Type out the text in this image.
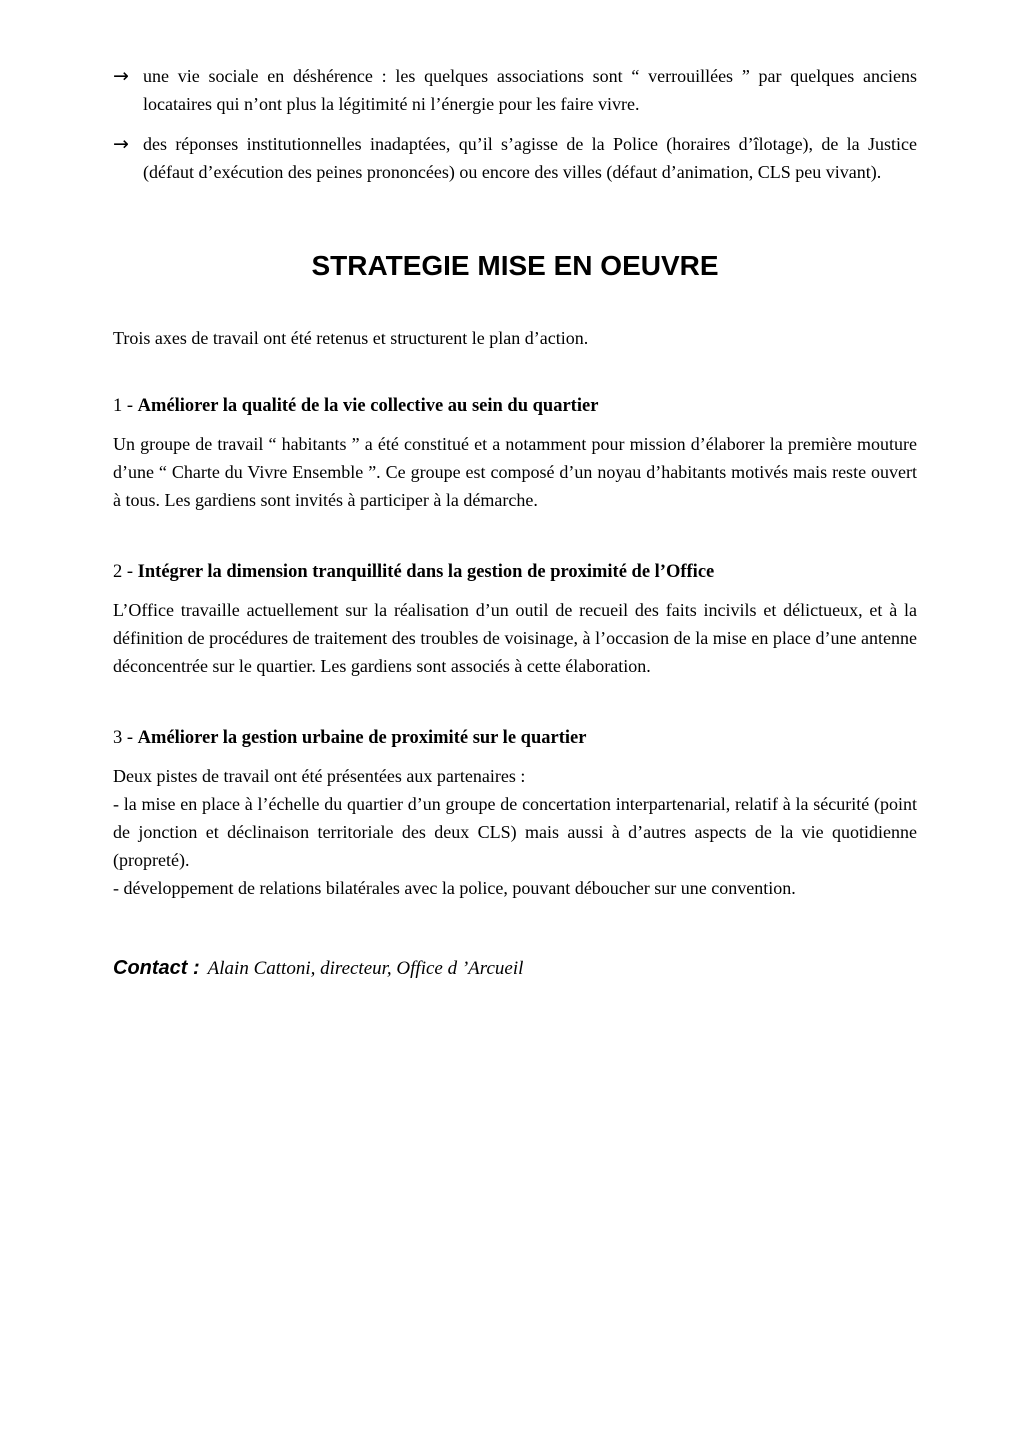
→ une vie sociale en déshérence : les quelques associations sont “ verrouillées ” par quelques anciens locataires qui n’ont plus la légitimité ni l’énergie pour les faire vivre.
→ des réponses institutionnelles inadaptées, qu’il s’agisse de la Police (horaires d’îlotage), de la Justice (défaut d’exécution des peines prononcées) ou encore des villes (défaut d’animation, CLS peu vivant).
STRATEGIE MISE EN OEUVRE

Trois axes de travail ont été retenus et structurent le plan d’action.

1 - Améliorer la qualité de la vie collective au sein du quartier

Un groupe de travail “ habitants ” a été constitué et a notamment pour mission d’élaborer la première mouture d’une “ Charte du Vivre Ensemble ”. Ce groupe est composé d’un noyau d’habitants motivés mais reste ouvert à tous. Les gardiens sont invités à participer à la démarche.

2 - Intégrer la dimension tranquillité dans la gestion de proximité de l’Office

L’Office travaille actuellement sur la réalisation d’un outil de recueil des faits incivils et délictueux, et à la définition de procédures de traitement des troubles de voisinage, à l’occasion de la mise en place d’une antenne déconcentrée sur le quartier. Les gardiens sont associés à cette élaboration.

3 - Améliorer la gestion urbaine de proximité sur le quartier

Deux pistes de travail ont été présentées aux partenaires :

- la mise en place à l’échelle du quartier d’un groupe de concertation interpartenarial, relatif à la sécurité (point de jonction et déclinaison territoriale des deux CLS) mais aussi à d’autres aspects de la vie quotidienne (propreté).

- développement de relations bilatérales avec la police, pouvant déboucher sur une convention.

Contact : Alain Cattoni, directeur, Office d ’Arcueil
